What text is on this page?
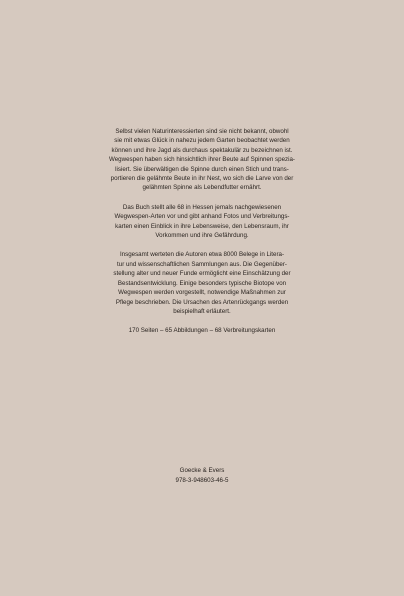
Selbst vielen Naturinteressierten sind sie nicht bekannt, obwohl
sie mit etwas Glück in nahezu jedem Garten beobachtet werden
können und ihre Jagd als durchaus spektakulär zu bezeichnen ist.
Wegwespen haben sich hinsichtlich ihrer Beute auf Spinnen spezia-
lisiert. Sie überwältigen die Spinne durch einen Stich und trans-
portieren die gelähmte Beute in ihr Nest, wo sich die Larve von der
gelähmten Spinne als Lebendfutter ernährt.

Das Buch stellt alle 68 in Hessen jemals nachgewiesenen
Wegwespen-Arten vor und gibt anhand Fotos und Verbreitungs-
karten einen Einblick in ihre Lebensweise, den Lebensraum, ihr
Vorkommen und ihre Gefährdung.

Insgesamt werteten die Autoren etwa 8000 Belege in Litera-
tur und wissenschaftlichen Sammlungen aus. Die Gegenüber-
stellung alter und neuer Funde ermöglicht eine Einschätzung der
Bestandsentwicklung. Einige besonders typische Biotope von
Wegwespen werden vorgestellt, notwendige Maßnahmen zur
Pflege beschrieben. Die Ursachen des Artenrückgangs werden
beispielhaft erläutert.

170 Seiten – 65 Abbildungen – 68 Verbreitungskarten

Goecke & Evers
978-3-948603-46-5
